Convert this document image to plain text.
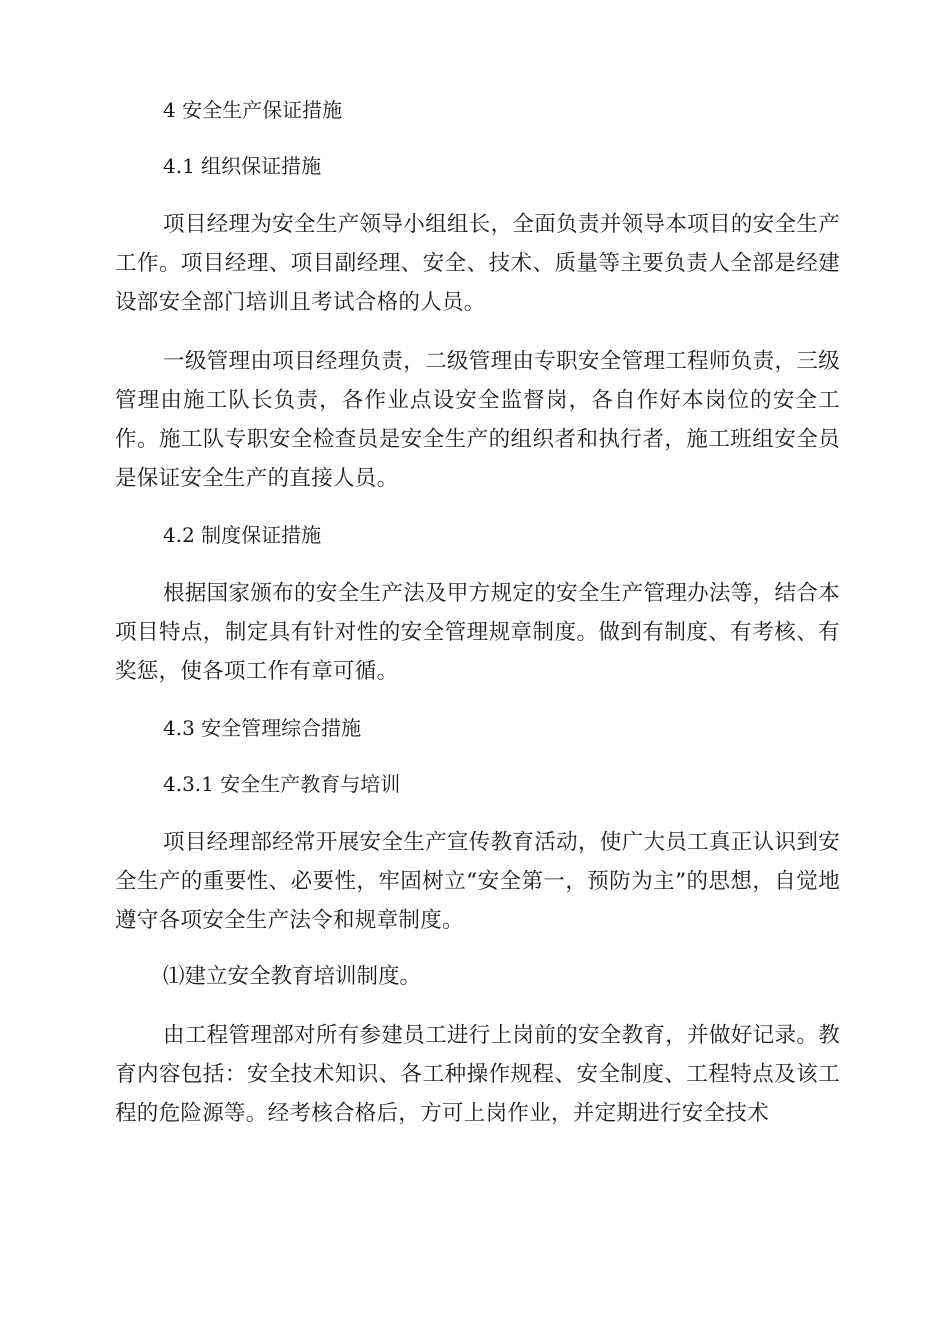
4 安全生产保证措施
4.1 组织保证措施

项目经理为安全生产领导小组组长，全面负责并领导本项目的安全生产工作。项目经理、项目副经理、安全、技术、质量等主要负责人全部是经建设部安全部门培训且考试合格的人员。

一级管理由项目经理负责，二级管理由专职安全管理工程师负责，三级管理由施工队长负责，各作业点设安全监督岗，各自作好本岗位的安全工作。施工队专职安全检查员是安全生产的组织者和执行者，施工班组安全员是保证安全生产的直接人员。

4.2 制度保证措施

根据国家颁布的安全生产法及甲方规定的安全生产管理办法等，结合本项目特点，制定具有针对性的安全管理规章制度。做到有制度、有考核、有奖惩，使各项工作有章可循。

4.3 安全管理综合措施
4.3.1 安全生产教育与培训

项目经理部经常开展安全生产宣传教育活动，使广大员工真正认识到安全生产的重要性、必要性，牢固树立“安全第一，预防为主”的思想，自觉地遵守各项安全生产法令和规章制度。

⑴建立安全教育培训制度。

由工程管理部对所有参建员工进行上岗前的安全教育，并做好记录。教育内容包括：安全技术知识、各工种操作规程、安全制度、工程特点及该工程的危险源等。经考核合格后，方可上岗作业，并定期进行安全技术
